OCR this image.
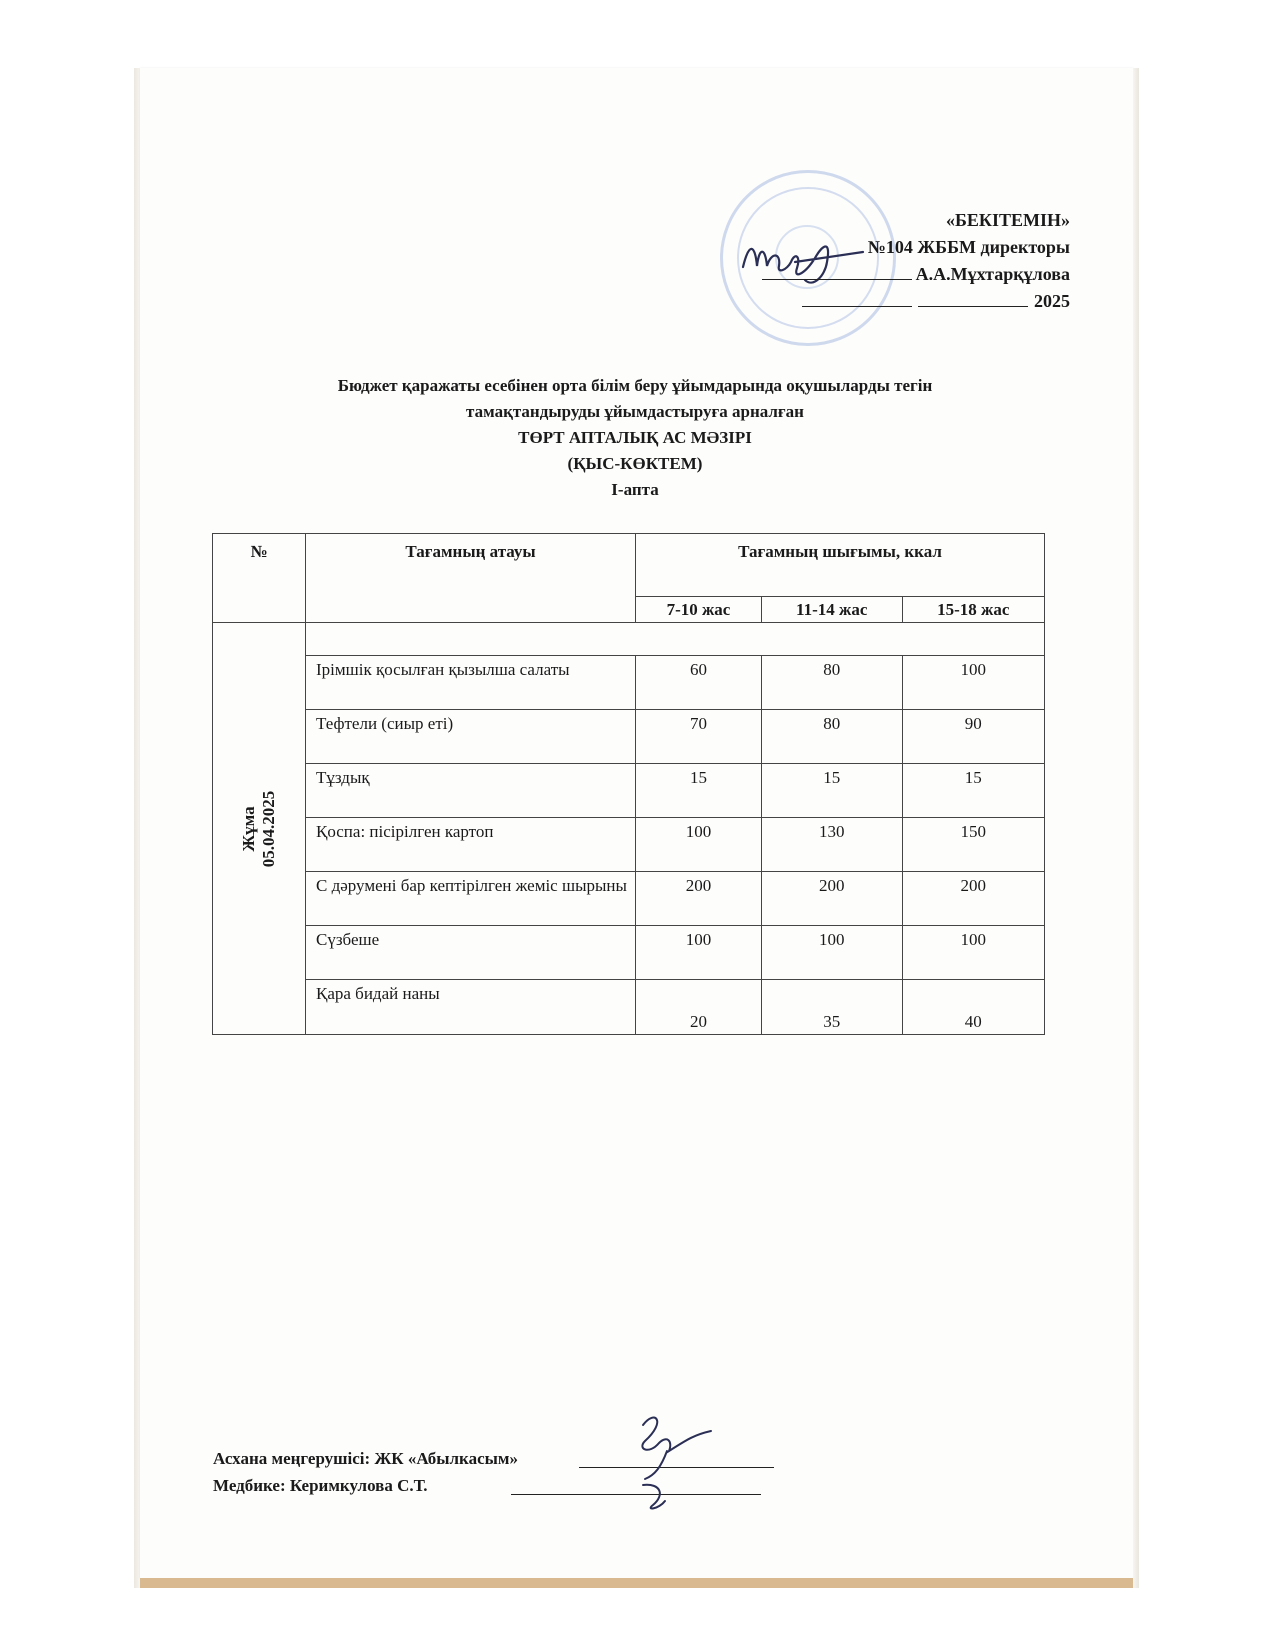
«БЕКІТЕМІН»
№104 ЖББМ директоры
А.А.Мұхтарқұлова
2025
Бюджет қаражаты есебінен орта білім беру ұйымдарында оқушыларды тегін
тамақтандыруды ұйымдастыруға арналған
ТӨРТ АПТАЛЫҚ АС МӘЗІРІ
(ҚЫС-КӨКТЕМ)
І-апта
№	Тағамның атауы	Тағамның шығымы, ккал		
		7-10 жас	11-14 жас	15-18 жас

Жұма 05.04.2025				

	Ірімшік қосылған қызылша салаты	60	80	100
	Тефтели (сиыр еті)	70	80	90
	Тұздық	15	15	15
	Қоспа: пісірілген картоп	100	130	150
	С дәрумені бар кептірілген жеміс шырыны	200	200	200
	Сүзбеше	100	100	100
	Қара бидай наны	20	35	40
Асхана меңгерушісі: ЖК «Абылкасым»
Медбике: Керимкулова С.Т.
